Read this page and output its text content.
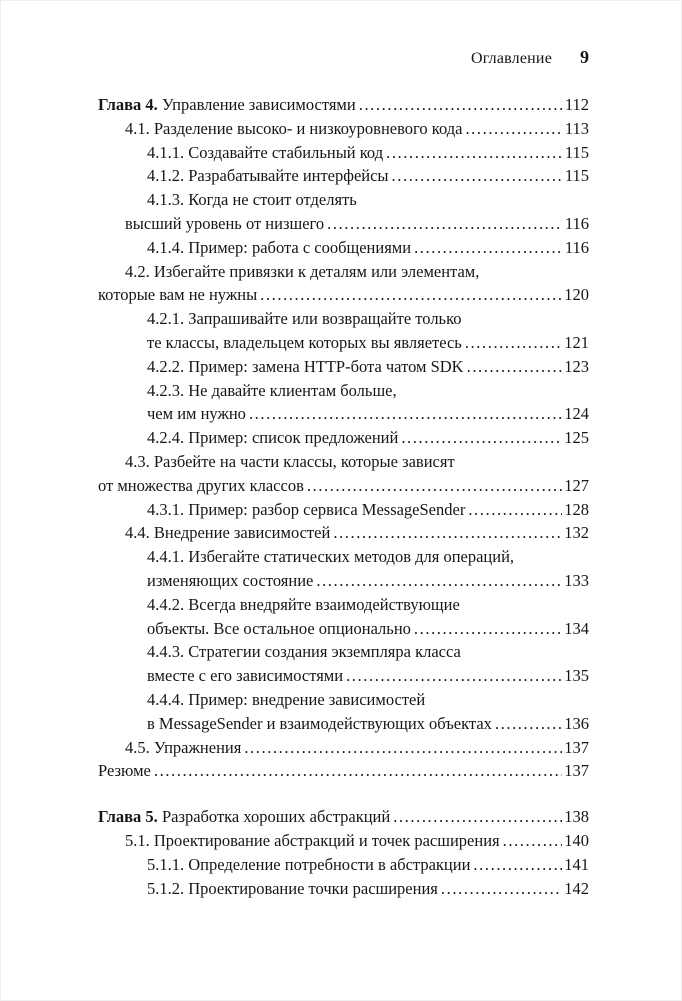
Оглавление 9
Глава 4. Управление зависимостями .....	112
4.1. Разделение высоко- и низкоуровневого кода .....	113
4.1.1. Создавайте стабильный код .....	115
4.1.2. Разрабатывайте интерфейсы .....	115
4.1.3. Когда не стоит отделять
высший уровень от низшего .....	116
4.1.4. Пример: работа с сообщениями .....	116
4.2. Избегайте привязки к деталям или элементам,
которые вам не нужны .....	120
4.2.1. Запрашивайте или возвращайте только
те классы, владельцем которых вы являетесь .....	121
4.2.2. Пример: замена HTTP-бота чатом SDK .....	123
4.2.3. Не давайте клиентам больше,
чем им нужно .....	124
4.2.4. Пример: список предложений .....	125
4.3. Разбейте на части классы, которые зависят
от множества других классов .....	127
4.3.1. Пример: разбор сервиса MessageSender .....	128
4.4. Внедрение зависимостей .....	132
4.4.1. Избегайте статических методов для операций,
изменяющих состояние .....	133
4.4.2. Всегда внедряйте взаимодействующие
объекты. Все остальное опционально .....	134
4.4.3. Стратегии создания экземпляра класса
вместе с его зависимостями .....	135
4.4.4. Пример: внедрение зависимостей
в MessageSender и взаимодействующих объектах .....	136
4.5. Упражнения .....	137
Резюме .....	137
Глава 5. Разработка хороших абстракций .....	138
5.1. Проектирование абстракций и точек расширения .....	140
5.1.1. Определение потребности в абстракции .....	141
5.1.2. Проектирование точки расширения .....	142
